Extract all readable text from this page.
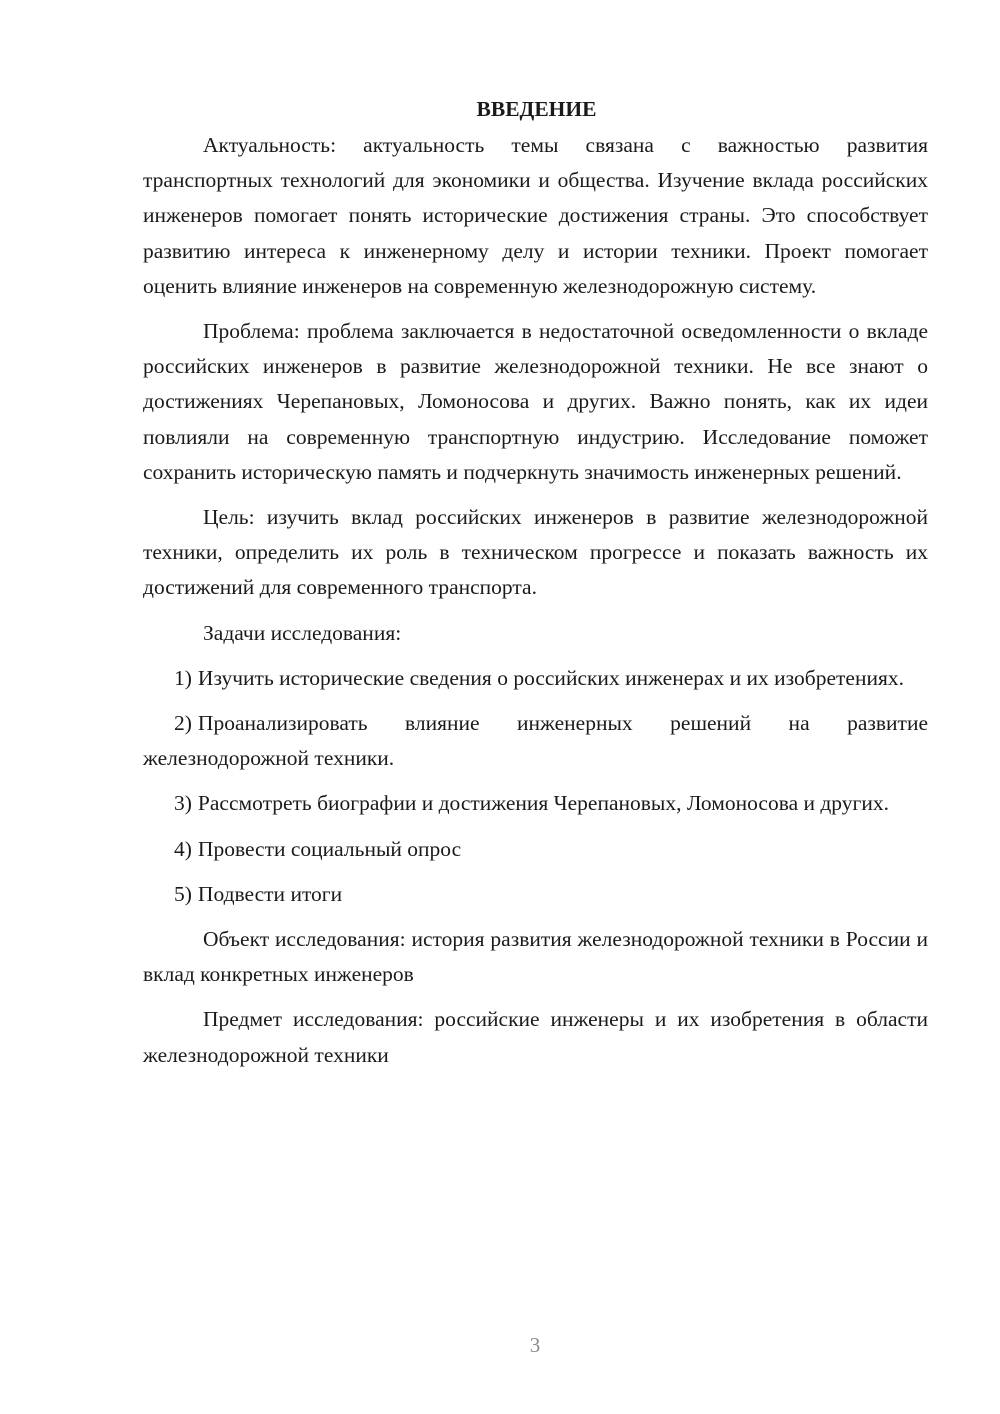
ВВЕДЕНИЕ

Актуальность: актуальность темы связана с важностью развития транспортных технологий для экономики и общества. Изучение вклада российских инженеров помогает понять исторические достижения страны. Это способствует развитию интереса к инженерному делу и истории техники. Проект помогает оценить влияние инженеров на современную железнодорожную систему.

Проблема: проблема заключается в недостаточной осведомленности о вкладе российских инженеров в развитие железнодорожной техники. Не все знают о достижениях Черепановых, Ломоносова и других. Важно понять, как их идеи повлияли на современную транспортную индустрию. Исследование поможет сохранить историческую память и подчеркнуть значимость инженерных решений.

Цель: изучить вклад российских инженеров в развитие железнодорожной техники, определить их роль в техническом прогрессе и показать важность их достижений для современного транспорта.

Задачи исследования:

1) Изучить исторические сведения о российских инженерах и их изобретениях.

2) Проанализировать влияние инженерных решений на развитие железнодорожной техники.

3) Рассмотреть биографии и достижения Черепановых, Ломоносова и других.

4) Провести социальный опрос

5) Подвести итоги

Объект исследования: история развития железнодорожной техники в России и вклад конкретных инженеров

Предмет исследования: российские инженеры и их изобретения в области железнодорожной техники

3
